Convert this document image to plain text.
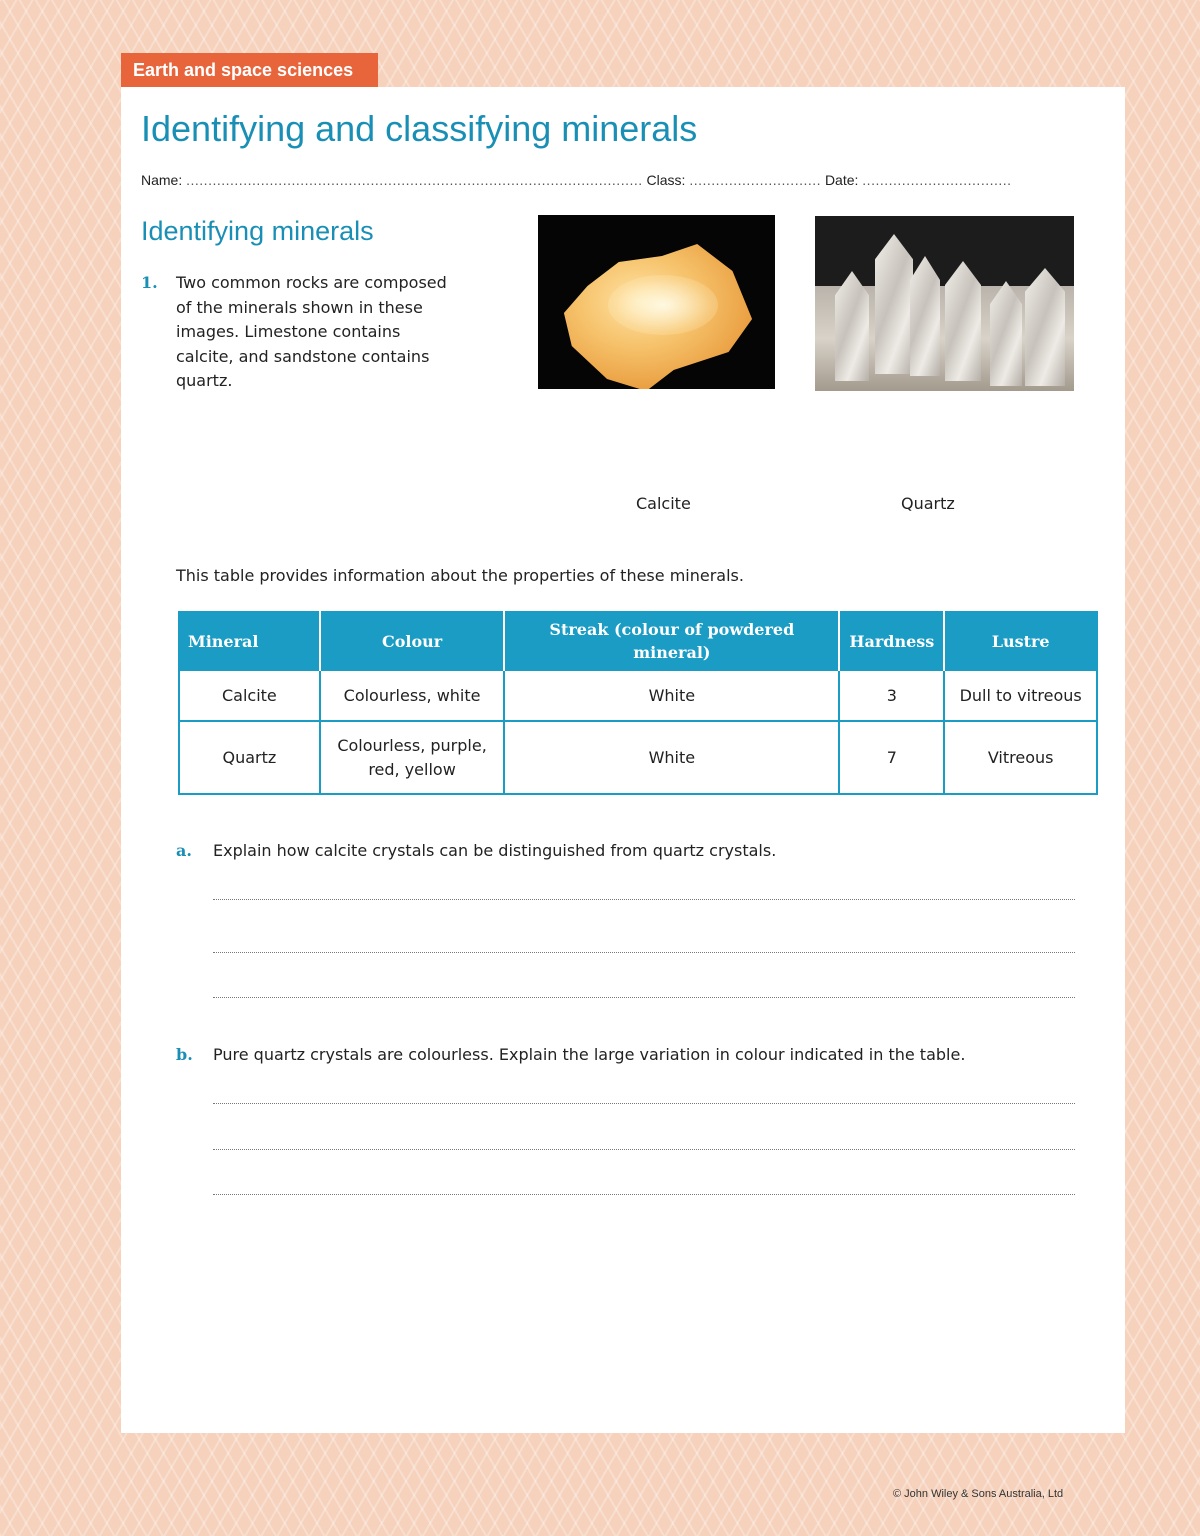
Earth and space sciences
Identifying and classifying minerals
Name: ........................................................................................................ Class: .............................. Date: ..................................
Identifying minerals
1. Two common rocks are composed
of the minerals shown in these
images. Limestone contains
calcite, and sandstone contains
quartz.
Calcite	Quartz
This table provides information about the properties of these minerals.
Mineral	Colour	Streak (colour of powdered mineral)	Hardness	Lustre
Calcite	Colourless, white	White	3	Dull to vitreous
Quartz	Colourless, purple, red, yellow	White	7	Vitreous
a. Explain how calcite crystals can be distinguished from quartz crystals.
b. Pure quartz crystals are colourless. Explain the large variation in colour indicated in the table.
© John Wiley & Sons Australia, Ltd
